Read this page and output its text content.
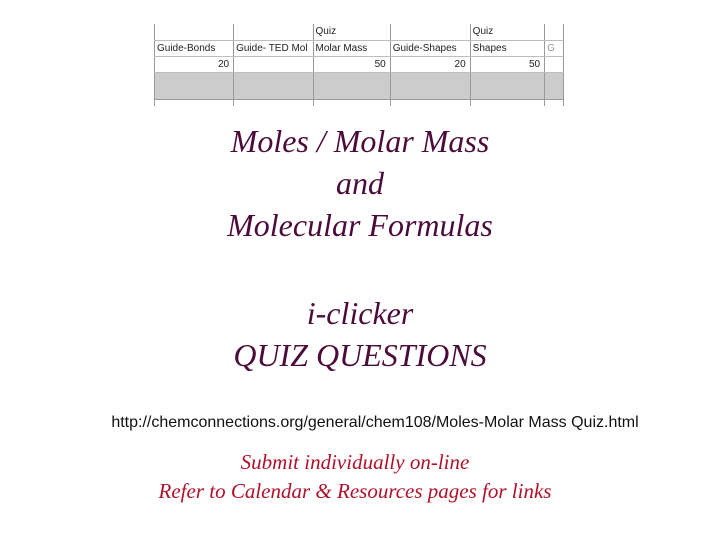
		Quiz		Quiz	
Guide-Bonds	Guide- TED Mol	Molar Mass	Guide-Shapes	Shapes	G
20		50	20	50	

Moles / Molar Mass
and
Molecular Formulas
i-clicker
QUIZ QUESTIONS
http://chemconnections.org/general/chem108/Moles-Molar Mass Quiz.html
Submit individually on-line
Refer to Calendar & Resources pages for links
